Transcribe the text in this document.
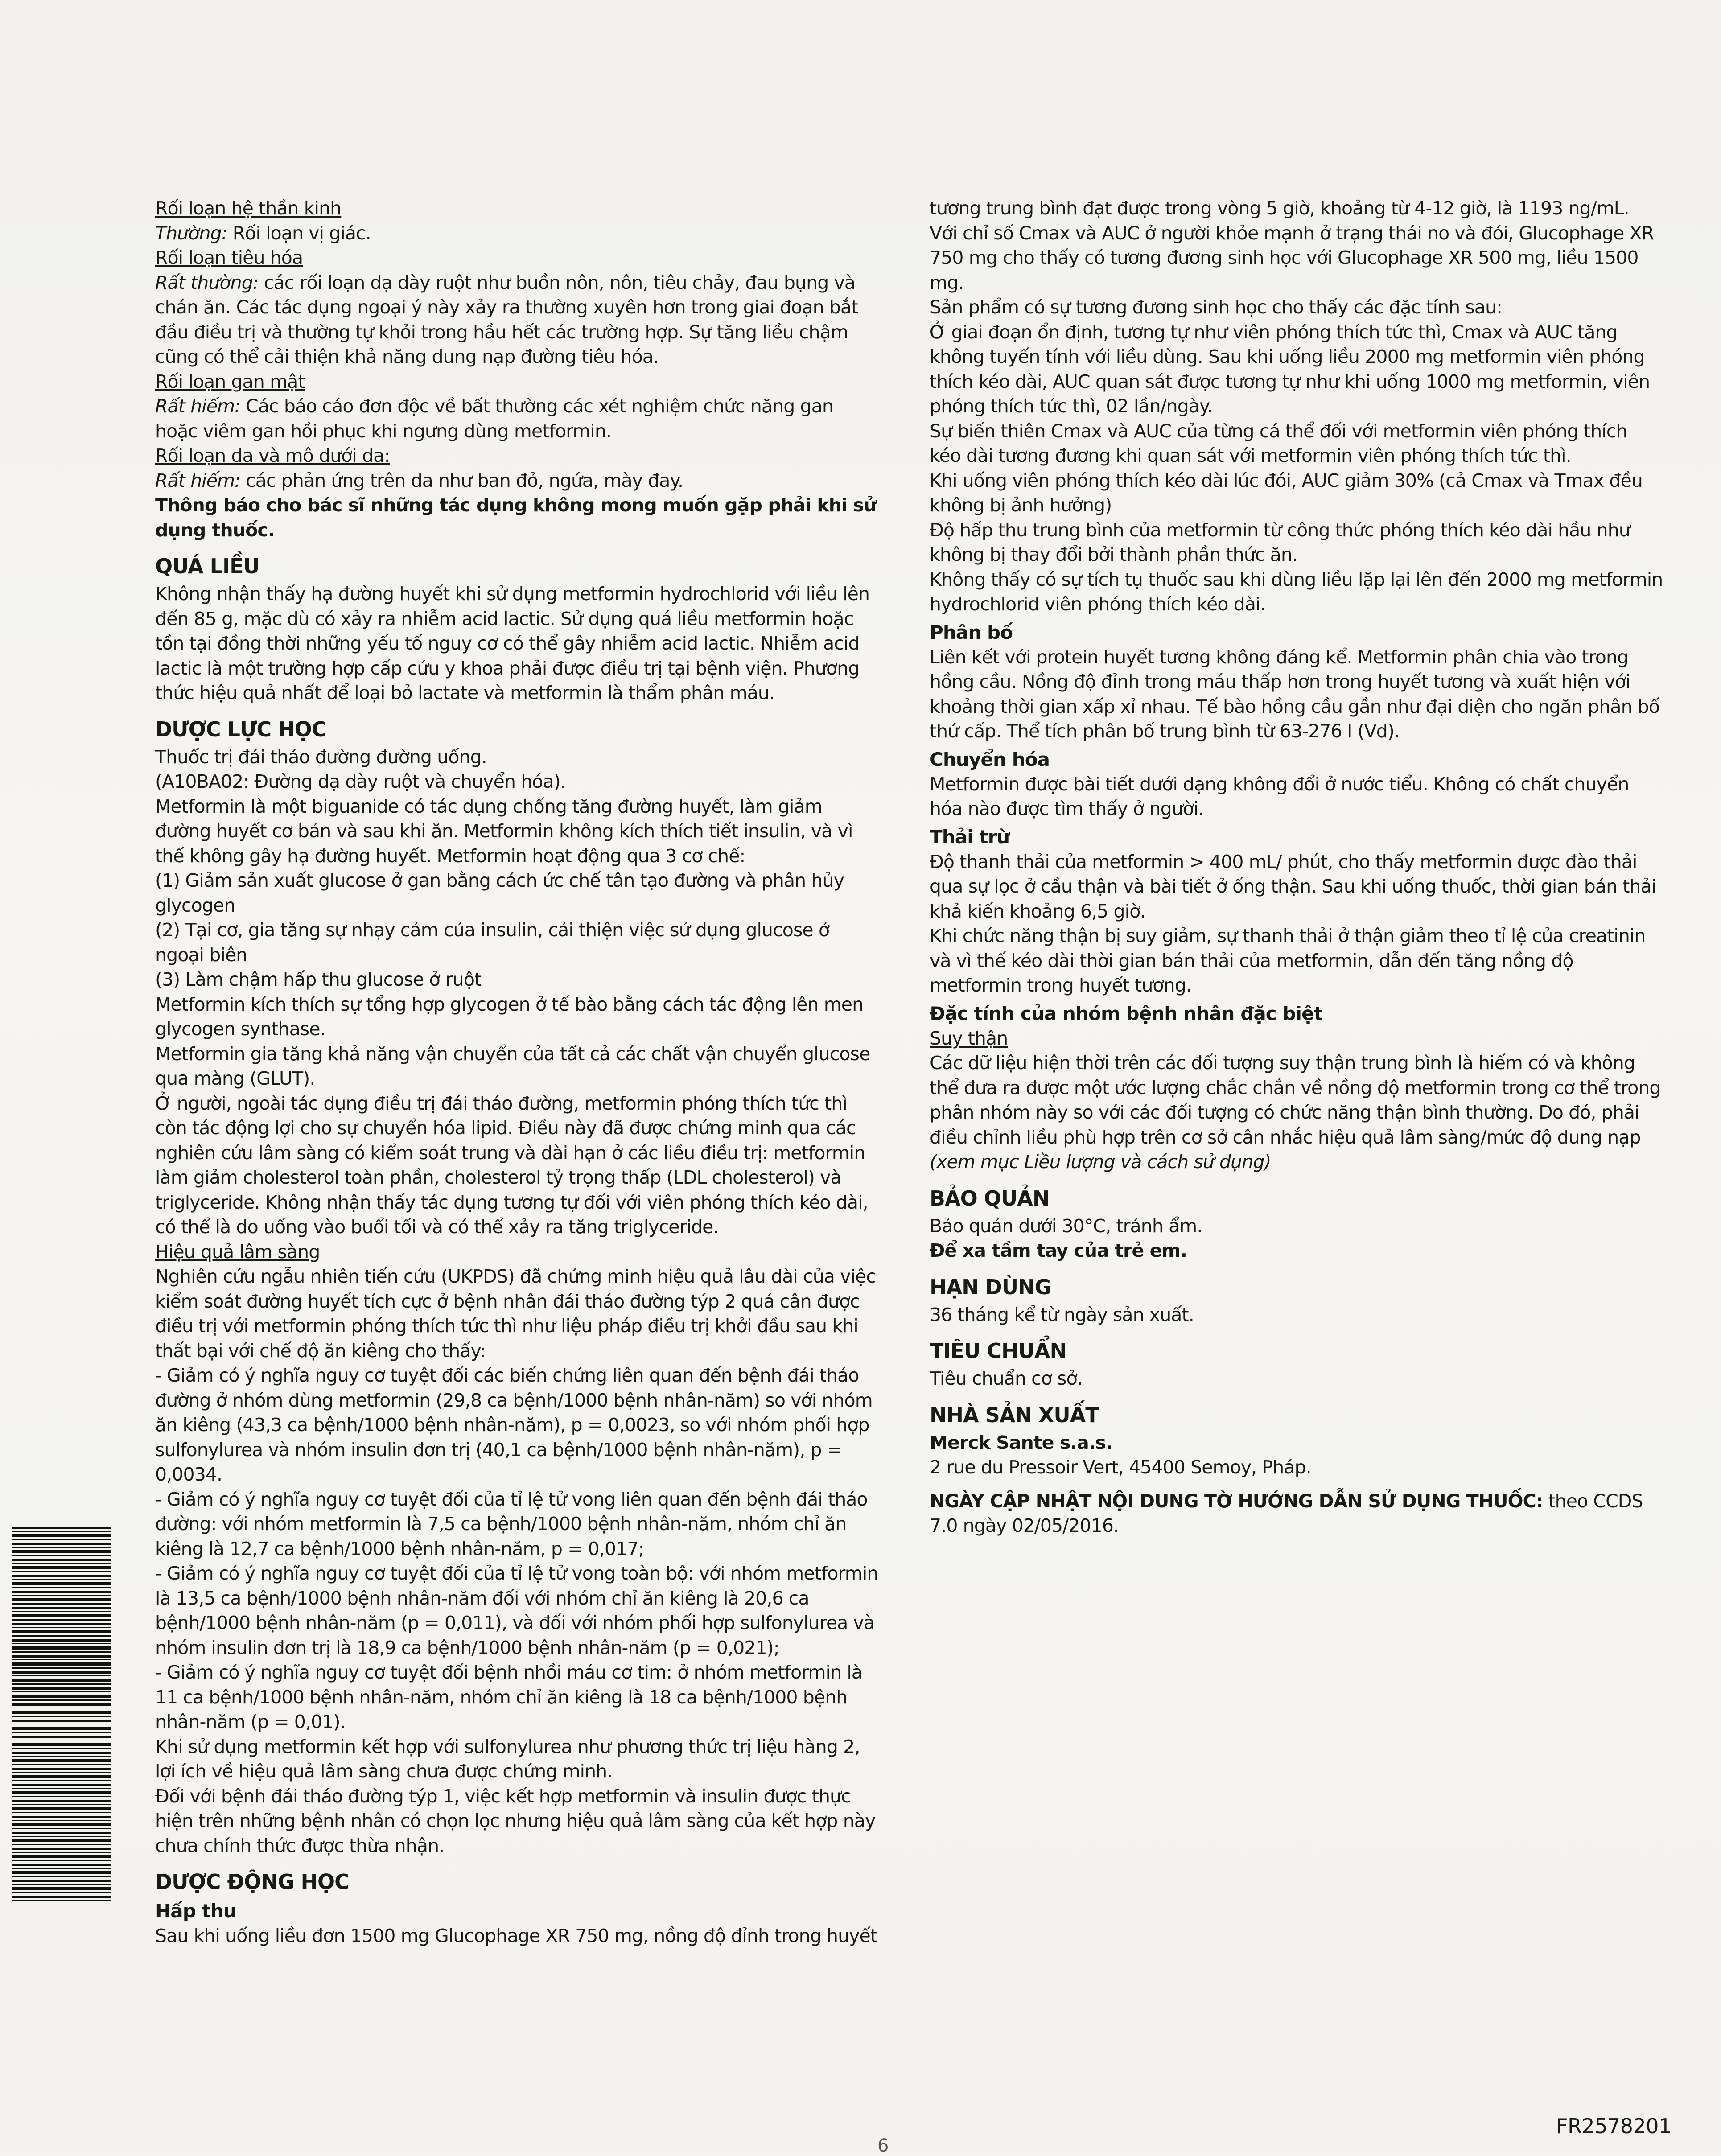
Rối loạn hệ thần kinh

Thường: Rối loạn vị giác.

Rối loạn tiêu hóa

Rất thường: các rối loạn dạ dày ruột như buồn nôn, nôn, tiêu chảy, đau bụng và chán ăn. Các tác dụng ngoại ý này xảy ra thường xuyên hơn trong giai đoạn bắt đầu điều trị và thường tự khỏi trong hầu hết các trường hợp. Sự tăng liều chậm cũng có thể cải thiện khả năng dung nạp đường tiêu hóa.

Rối loạn gan mật

Rất hiếm: Các báo cáo đơn độc về bất thường các xét nghiệm chức năng gan hoặc viêm gan hồi phục khi ngưng dùng metformin.

Rối loạn da và mô dưới da:

Rất hiếm: các phản ứng trên da như ban đỏ, ngứa, mày đay.

Thông báo cho bác sĩ những tác dụng không mong muốn gặp phải khi sử dụng thuốc.

QUÁ LIỀU

Không nhận thấy hạ đường huyết khi sử dụng metformin hydrochlorid với liều lên đến 85 g, mặc dù có xảy ra nhiễm acid lactic. Sử dụng quá liều metformin hoặc tồn tại đồng thời những yếu tố nguy cơ có thể gây nhiễm acid lactic. Nhiễm acid lactic là một trường hợp cấp cứu y khoa phải được điều trị tại bệnh viện. Phương thức hiệu quả nhất để loại bỏ lactate và metformin là thẩm phân máu.

DƯỢC LỰC HỌC

Thuốc trị đái tháo đường đường uống.

(A10BA02: Đường dạ dày ruột và chuyển hóa).

Metformin là một biguanide có tác dụng chống tăng đường huyết, làm giảm đường huyết cơ bản và sau khi ăn. Metformin không kích thích tiết insulin, và vì thế không gây hạ đường huyết. Metformin hoạt động qua 3 cơ chế:

(1) Giảm sản xuất glucose ở gan bằng cách ức chế tân tạo đường và phân hủy glycogen

(2) Tại cơ, gia tăng sự nhạy cảm của insulin, cải thiện việc sử dụng glucose ở ngoại biên

(3) Làm chậm hấp thu glucose ở ruột

Metformin kích thích sự tổng hợp glycogen ở tế bào bằng cách tác động lên men glycogen synthase.

Metformin gia tăng khả năng vận chuyển của tất cả các chất vận chuyển glucose qua màng (GLUT).

Ở người, ngoài tác dụng điều trị đái tháo đường, metformin phóng thích tức thì còn tác động lợi cho sự chuyển hóa lipid. Điều này đã được chứng minh qua các nghiên cứu lâm sàng có kiểm soát trung và dài hạn ở các liều điều trị: metformin làm giảm cholesterol toàn phần, cholesterol tỷ trọng thấp (LDL cholesterol) và triglyceride. Không nhận thấy tác dụng tương tự đối với viên phóng thích kéo dài, có thể là do uống vào buổi tối và có thể xảy ra tăng triglyceride.

Hiệu quả lâm sàng

Nghiên cứu ngẫu nhiên tiến cứu (UKPDS) đã chứng minh hiệu quả lâu dài của việc kiểm soát đường huyết tích cực ở bệnh nhân đái tháo đường týp 2 quá cân được điều trị với metformin phóng thích tức thì như liệu pháp điều trị khởi đầu sau khi thất bại với chế độ ăn kiêng cho thấy:

- Giảm có ý nghĩa nguy cơ tuyệt đối các biến chứng liên quan đến bệnh đái tháo đường ở nhóm dùng metformin (29,8 ca bệnh/1000 bệnh nhân-năm) so với nhóm ăn kiêng (43,3 ca bệnh/1000 bệnh nhân-năm), p = 0,0023, so với nhóm phối hợp sulfonylurea và nhóm insulin đơn trị (40,1 ca bệnh/1000 bệnh nhân-năm), p = 0,0034.

- Giảm có ý nghĩa nguy cơ tuyệt đối của tỉ lệ tử vong liên quan đến bệnh đái tháo đường: với nhóm metformin là 7,5 ca bệnh/1000 bệnh nhân-năm, nhóm chỉ ăn kiêng là 12,7 ca bệnh/1000 bệnh nhân-năm, p = 0,017;

- Giảm có ý nghĩa nguy cơ tuyệt đối của tỉ lệ tử vong toàn bộ: với nhóm metformin là 13,5 ca bệnh/1000 bệnh nhân-năm đối với nhóm chỉ ăn kiêng là 20,6 ca bệnh/1000 bệnh nhân-năm (p = 0,011), và đối với nhóm phối hợp sulfonylurea và nhóm insulin đơn trị là 18,9 ca bệnh/1000 bệnh nhân-năm (p = 0,021);

- Giảm có ý nghĩa nguy cơ tuyệt đối bệnh nhồi máu cơ tim: ở nhóm metformin là 11 ca bệnh/1000 bệnh nhân-năm, nhóm chỉ ăn kiêng là 18 ca bệnh/1000 bệnh nhân-năm (p = 0,01).

Khi sử dụng metformin kết hợp với sulfonylurea như phương thức trị liệu hàng 2, lợi ích về hiệu quả lâm sàng chưa được chứng minh.

Đối với bệnh đái tháo đường týp 1, việc kết hợp metformin và insulin được thực hiện trên những bệnh nhân có chọn lọc nhưng hiệu quả lâm sàng của kết hợp này chưa chính thức được thừa nhận.

DƯỢC ĐỘNG HỌC
Hấp thu

Sau khi uống liều đơn 1500 mg Glucophage XR 750 mg, nồng độ đỉnh trong huyết

tương trung bình đạt được trong vòng 5 giờ, khoảng từ 4-12 giờ, là 1193 ng/mL.

Với chỉ số Cmax và AUC ở người khỏe mạnh ở trạng thái no và đói, Glucophage XR 750 mg cho thấy có tương đương sinh học với Glucophage XR 500 mg, liều 1500 mg.

Sản phẩm có sự tương đương sinh học cho thấy các đặc tính sau:

Ở giai đoạn ổn định, tương tự như viên phóng thích tức thì, Cmax và AUC tăng không tuyến tính với liều dùng. Sau khi uống liều 2000 mg metformin viên phóng thích kéo dài, AUC quan sát được tương tự như khi uống 1000 mg metformin, viên phóng thích tức thì, 02 lần/ngày.

Sự biến thiên Cmax và AUC của từng cá thể đối với metformin viên phóng thích kéo dài tương đương khi quan sát với metformin viên phóng thích tức thì.

Khi uống viên phóng thích kéo dài lúc đói, AUC giảm 30% (cả Cmax và Tmax đều không bị ảnh hưởng)

Độ hấp thu trung bình của metformin từ công thức phóng thích kéo dài hầu như không bị thay đổi bởi thành phần thức ăn.

Không thấy có sự tích tụ thuốc sau khi dùng liều lặp lại lên đến 2000 mg metformin hydrochlorid viên phóng thích kéo dài.

Phân bố

Liên kết với protein huyết tương không đáng kể. Metformin phân chia vào trong hồng cầu. Nồng độ đỉnh trong máu thấp hơn trong huyết tương và xuất hiện với khoảng thời gian xấp xỉ nhau. Tế bào hồng cầu gần như đại diện cho ngăn phân bố thứ cấp. Thể tích phân bố trung bình từ 63-276 l (Vd).

Chuyển hóa

Metformin được bài tiết dưới dạng không đổi ở nước tiểu. Không có chất chuyển hóa nào được tìm thấy ở người.

Thải trừ

Độ thanh thải của metformin > 400 mL/ phút, cho thấy metformin được đào thải qua sự lọc ở cầu thận và bài tiết ở ống thận. Sau khi uống thuốc, thời gian bán thải khả kiến khoảng 6,5 giờ.

Khi chức năng thận bị suy giảm, sự thanh thải ở thận giảm theo tỉ lệ của creatinin và vì thế kéo dài thời gian bán thải của metformin, dẫn đến tăng nồng độ metformin trong huyết tương.

Đặc tính của nhóm bệnh nhân đặc biệt

Suy thận

Các dữ liệu hiện thời trên các đối tượng suy thận trung bình là hiếm có và không thể đưa ra được một ước lượng chắc chắn về nồng độ metformin trong cơ thể trong phân nhóm này so với các đối tượng có chức năng thận bình thường. Do đó, phải điều chỉnh liều phù hợp trên cơ sở cân nhắc hiệu quả lâm sàng/mức độ dung nạp (xem mục Liều lượng và cách sử dụng)

BẢO QUẢN

Bảo quản dưới 30°C, tránh ẩm.

Để xa tầm tay của trẻ em.

HẠN DÙNG

36 tháng kể từ ngày sản xuất.

TIÊU CHUẨN

Tiêu chuẩn cơ sở.

NHÀ SẢN XUẤT

Merck Sante s.a.s.

2 rue du Pressoir Vert, 45400 Semoy, Pháp.

NGÀY CẬP NHẬT NỘI DUNG TỜ HƯỚNG DẪN SỬ DỤNG THUỐC: theo CCDS 7.0 ngày 02/05/2016.

6
FR2578201
